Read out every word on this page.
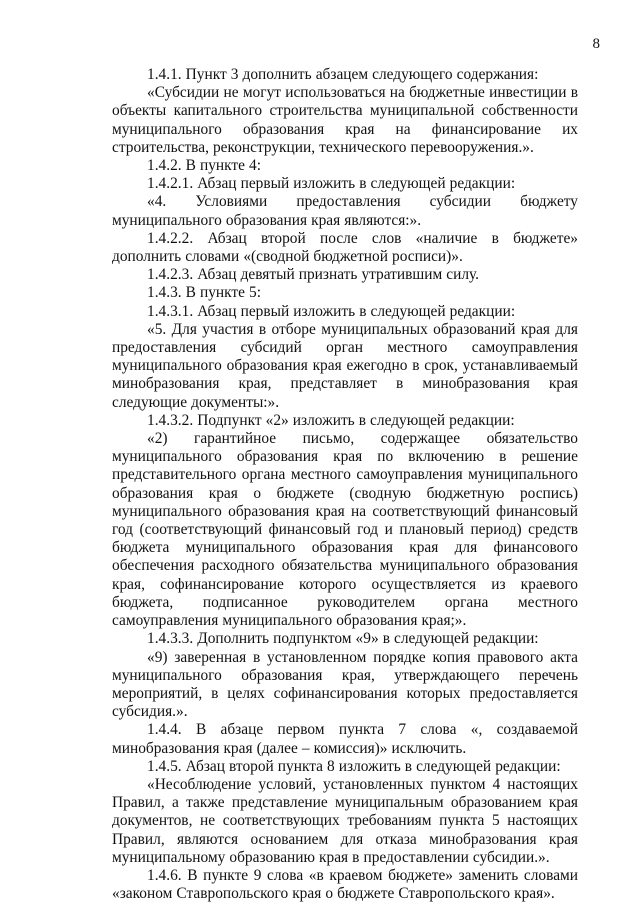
8

1.4.1. Пункт 3 дополнить абзацем следующего содержания:

«Субсидии не могут использоваться на бюджетные инвестиции в объекты капитального строительства муниципальной собственности муниципального образования края на финансирование их строительства, реконструкции, технического перевооружения.».

1.4.2. В пункте 4:

1.4.2.1. Абзац первый изложить в следующей редакции:

«4. Условиями предоставления субсидии бюджету муниципального образования края являются:».

1.4.2.2. Абзац второй после слов «наличие в бюджете» дополнить словами «(сводной бюджетной росписи)».

1.4.2.3. Абзац девятый признать утратившим силу.

1.4.3. В пункте 5:

1.4.3.1. Абзац первый изложить в следующей редакции:

«5. Для участия в отборе муниципальных образований края для предоставления субсидий орган местного самоуправления муниципального образования края ежегодно в срок, устанавливаемый минобразования края, представляет в минобразования края следующие документы:».

1.4.3.2. Подпункт «2» изложить в следующей редакции:

«2) гарантийное письмо, содержащее обязательство муниципального образования края по включению в решение представительного органа местного самоуправления муниципального образования края о бюджете (сводную бюджетную роспись) муниципального образования края на соответствующий финансовый год (соответствующий финансовый год и плановый период) средств бюджета муниципального образования края для финансового обеспечения расходного обязательства муниципального образования края, софинансирование которого осуществляется из краевого бюджета, подписанное руководителем органа местного самоуправления муниципального образования края;».

1.4.3.3. Дополнить подпунктом «9» в следующей редакции:

«9) заверенная в установленном порядке копия правового акта муниципального образования края, утверждающего перечень мероприятий, в целях софинансирования которых предоставляется субсидия.».

1.4.4. В абзаце первом пункта 7 слова «, создаваемой минобразования края (далее – комиссия)» исключить.

1.4.5. Абзац второй пункта 8 изложить в следующей редакции:

«Несоблюдение условий, установленных пунктом 4 настоящих Правил, а также представление муниципальным образованием края документов, не соответствующих требованиям пункта 5 настоящих Правил, являются основанием для отказа минобразования края муниципальному образованию края в предоставлении субсидии.».

1.4.6. В пункте 9 слова «в краевом бюджете» заменить словами «законом Ставропольского края о бюджете Ставропольского края».
